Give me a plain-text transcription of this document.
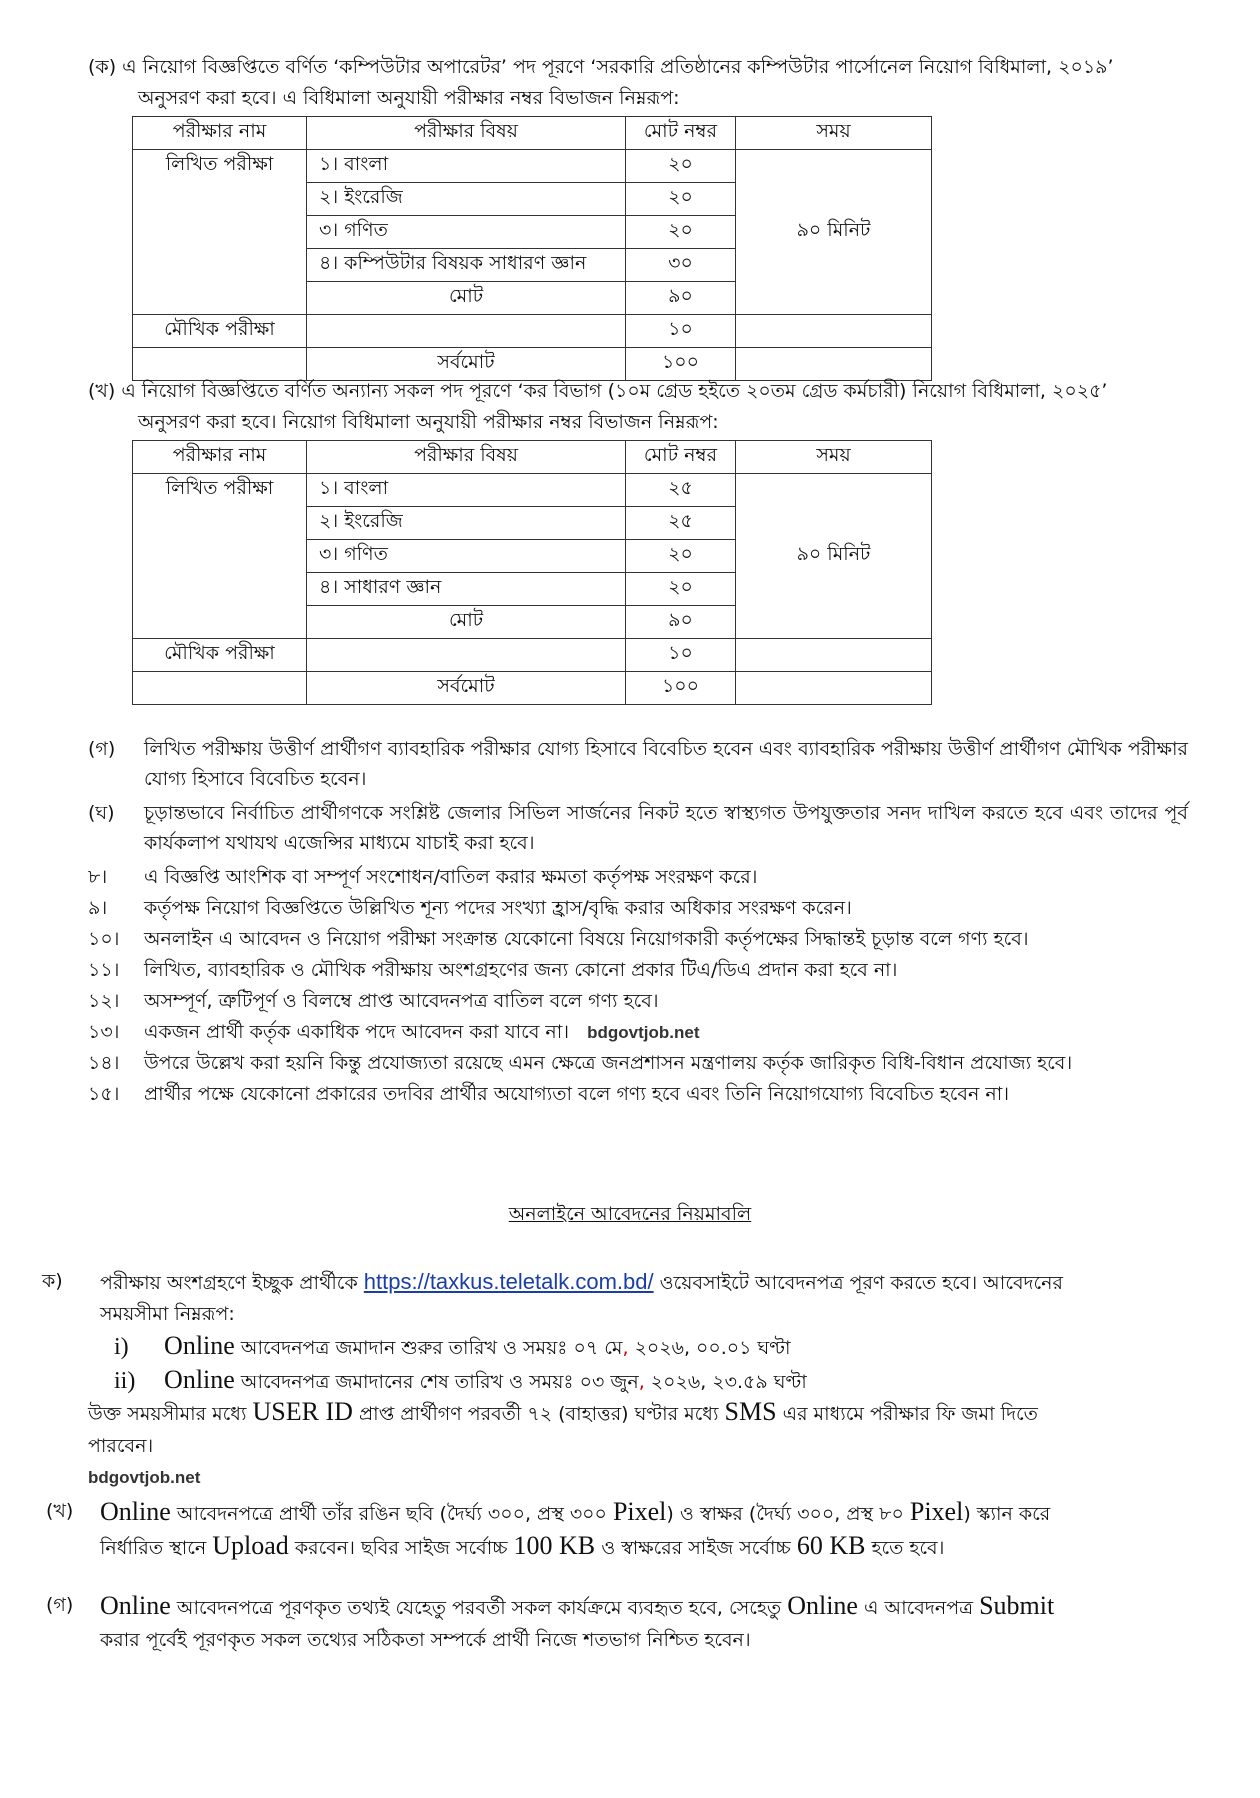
(ক) এ নিয়োগ বিজ্ঞপ্তিতে বর্ণিত ‘কম্পিউটার অপারেটর’ পদ পূরণে ‘সরকারি প্রতিষ্ঠানের কম্পিউটার পার্সোনেল নিয়োগ বিধিমালা, ২০১৯’
অনুসরণ করা হবে। এ বিধিমালা অনুযায়ী পরীক্ষার নম্বর বিভাজন নিম্নরূপ:
পরীক্ষার নাম	পরীক্ষার বিষয়	মোট নম্বর	সময়
লিখিত পরীক্ষা	১। বাংলা	২০	৯০ মিনিট
	২। ইংরেজি	২০	
	৩। গণিত	২০	
	৪। কম্পিউটার বিষয়ক সাধারণ জ্ঞান	৩০	
	মোট	৯০	
মৌখিক পরীক্ষা		১০	
	সর্বমোট	১০০	
(খ) এ নিয়োগ বিজ্ঞপ্তিতে বর্ণিত অন্যান্য সকল পদ পূরণে ‘কর বিভাগ (১০ম গ্রেড হইতে ২০তম গ্রেড কর্মচারী) নিয়োগ বিধিমালা, ২০২৫’
অনুসরণ করা হবে। নিয়োগ বিধিমালা অনুযায়ী পরীক্ষার নম্বর বিভাজন নিম্নরূপ:
পরীক্ষার নাম	পরীক্ষার বিষয়	মোট নম্বর	সময়
লিখিত পরীক্ষা	১। বাংলা	২৫	৯০ মিনিট
	২। ইংরেজি	২৫	
	৩। গণিত	২০	
	৪। সাধারণ জ্ঞান	২০	
	মোট	৯০	
মৌখিক পরীক্ষা		১০	
	সর্বমোট	১০০	
(গ) লিখিত পরীক্ষায় উত্তীর্ণ প্রার্থীগণ ব্যাবহারিক পরীক্ষার যোগ্য হিসাবে বিবেচিত হবেন এবং ব্যাবহারিক পরীক্ষায় উত্তীর্ণ প্রার্থীগণ মৌখিক পরীক্ষার যোগ্য হিসাবে বিবেচিত হবেন।
(ঘ) চূড়ান্তভাবে নির্বাচিত প্রার্থীগণকে সংশ্লিষ্ট জেলার সিভিল সার্জনের নিকট হতে স্বাস্থ্যগত উপযুক্ততার সনদ দাখিল করতে হবে এবং তাদের পূর্ব কার্যকলাপ যথাযথ এজেন্সির মাধ্যমে যাচাই করা হবে।
৮। এ বিজ্ঞপ্তি আংশিক বা সম্পূর্ণ সংশোধন/বাতিল করার ক্ষমতা কর্তৃপক্ষ সংরক্ষণ করে।
৯। কর্তৃপক্ষ নিয়োগ বিজ্ঞপ্তিতে উল্লিখিত শূন্য পদের সংখ্যা হ্রাস/বৃদ্ধি করার অধিকার সংরক্ষণ করেন।
১০। অনলাইন এ আবেদন ও নিয়োগ পরীক্ষা সংক্রান্ত যেকোনো বিষয়ে নিয়োগকারী কর্তৃপক্ষের সিদ্ধান্তই চূড়ান্ত বলে গণ্য হবে।
১১। লিখিত, ব্যাবহারিক ও মৌখিক পরীক্ষায় অংশগ্রহণের জন্য কোনো প্রকার টিএ/ডিএ প্রদান করা হবে না।
১২। অসম্পূর্ণ, ত্রুটিপূর্ণ ও বিলম্বে প্রাপ্ত আবেদনপত্র বাতিল বলে গণ্য হবে।
১৩। একজন প্রার্থী কর্তৃক একাধিক পদে আবেদন করা যাবে না। bdgovtjob.net
১৪। উপরে উল্লেখ করা হয়নি কিন্তু প্রযোজ্যতা রয়েছে এমন ক্ষেত্রে জনপ্রশাসন মন্ত্রণালয় কর্তৃক জারিকৃত বিধি-বিধান প্রযোজ্য হবে।
১৫। প্রার্থীর পক্ষে যেকোনো প্রকারের তদবির প্রার্থীর অযোগ্যতা বলে গণ্য হবে এবং তিনি নিয়োগযোগ্য বিবেচিত হবেন না।
অনলাইনে আবেদনের নিয়মাবলি
ক) পরীক্ষায় অংশগ্রহণে ইচ্ছুক প্রার্থীকে https://taxkus.teletalk.com.bd/ ওয়েবসাইটে আবেদনপত্র পূরণ করতে হবে। আবেদনের
সময়সীমা নিম্নরূপ:
i) Online আবেদনপত্র জমাদান শুরুর তারিখ ও সময়ঃ ০৭ মে, ২০২৬, ০০.০১ ঘণ্টা
ii) Online আবেদনপত্র জমাদানের শেষ তারিখ ও সময়ঃ ০৩ জুন, ২০২৬, ২৩.৫৯ ঘণ্টা
উক্ত সময়সীমার মধ্যে USER ID প্রাপ্ত প্রার্থীগণ পরবর্তী ৭২ (বাহাত্তর) ঘণ্টার মধ্যে SMS এর মাধ্যমে পরীক্ষার ফি জমা দিতে
পারবেন।
bdgovtjob.net
(খ) Online আবেদনপত্রে প্রার্থী তাঁর রঙিন ছবি (দৈর্ঘ্য ৩০০, প্রস্থ ৩০০ Pixel) ও স্বাক্ষর (দৈর্ঘ্য ৩০০, প্রস্থ ৮০ Pixel) স্ক্যান করে
নির্ধারিত স্থানে Upload করবেন। ছবির সাইজ সর্বোচ্চ 100 KB ও স্বাক্ষরের সাইজ সর্বোচ্চ 60 KB হতে হবে।
(গ) Online আবেদনপত্রে পূরণকৃত তথ্যই যেহেতু পরবর্তী সকল কার্যক্রমে ব্যবহৃত হবে, সেহেতু Online এ আবেদনপত্র Submit
করার পূর্বেই পূরণকৃত সকল তথ্যের সঠিকতা সম্পর্কে প্রার্থী নিজে শতভাগ নিশ্চিত হবেন।
